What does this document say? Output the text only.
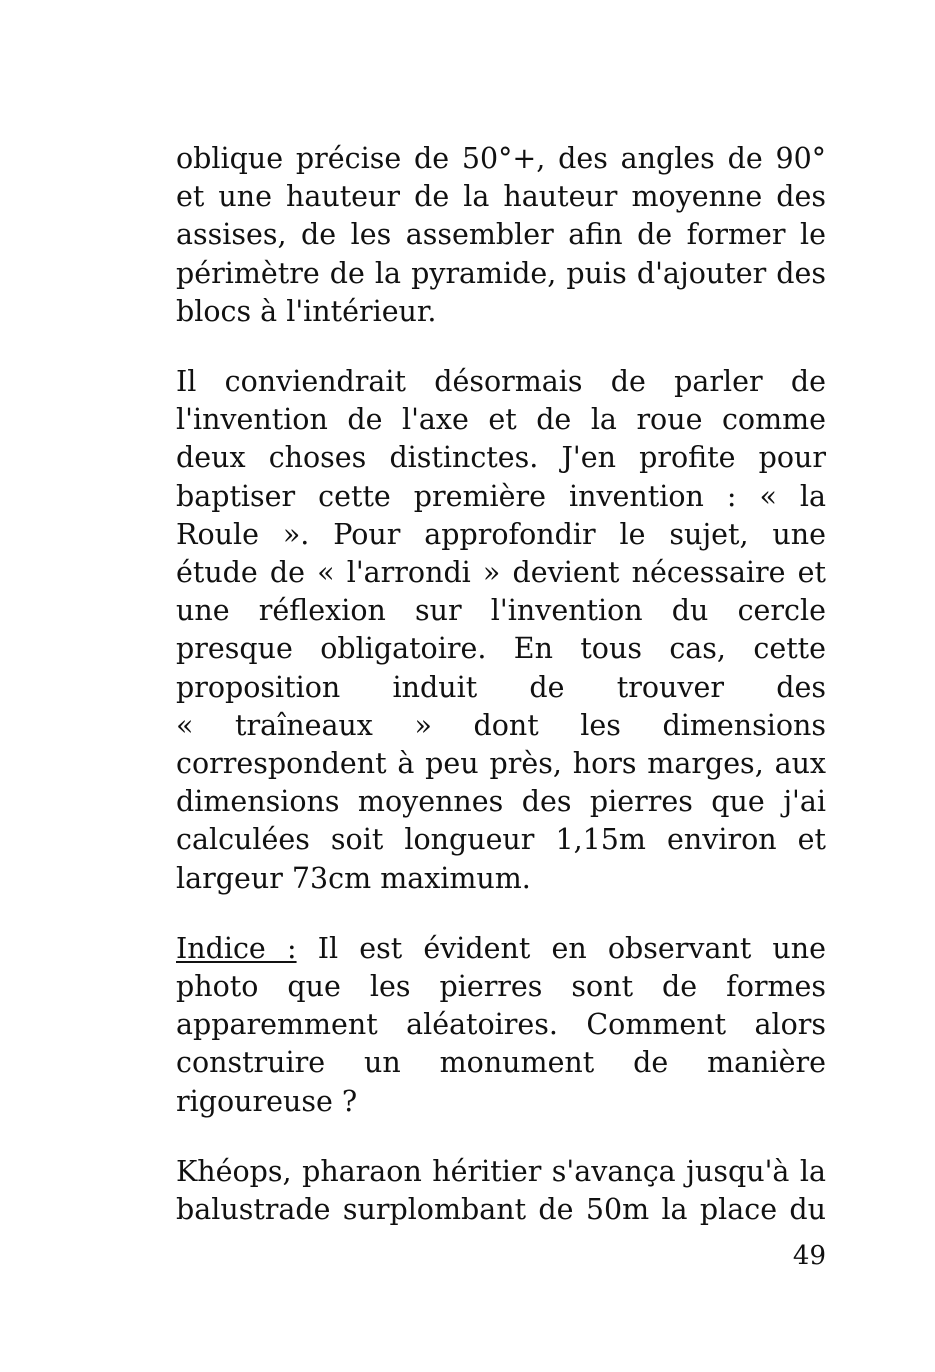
oblique précise de 50°+, des angles de 90°
et une hauteur de la hauteur moyenne des
assises, de les assembler afin de former le
périmètre de la pyramide, puis d'ajouter des
blocs à l'intérieur.

Il conviendrait désormais de parler de
l'invention de l'axe et de la roue comme
deux choses distinctes. J'en profite pour
baptiser cette première invention : « la
Roule ». Pour approfondir le sujet, une
étude de « l'arrondi » devient nécessaire et
une réflexion sur l'invention du cercle
presque obligatoire. En tous cas, cette
proposition induit de trouver des
« traîneaux » dont les dimensions
correspondent à peu près, hors marges, aux
dimensions moyennes des pierres que j'ai
calculées soit longueur 1,15m environ et
largeur 73cm maximum.

Indice : Il est évident en observant une
photo que les pierres sont de formes
apparemment aléatoires. Comment alors
construire un monument de manière
rigoureuse ?

Khéops, pharaon héritier s'avança jusqu'à la
balustrade surplombant de 50m la place du

49
